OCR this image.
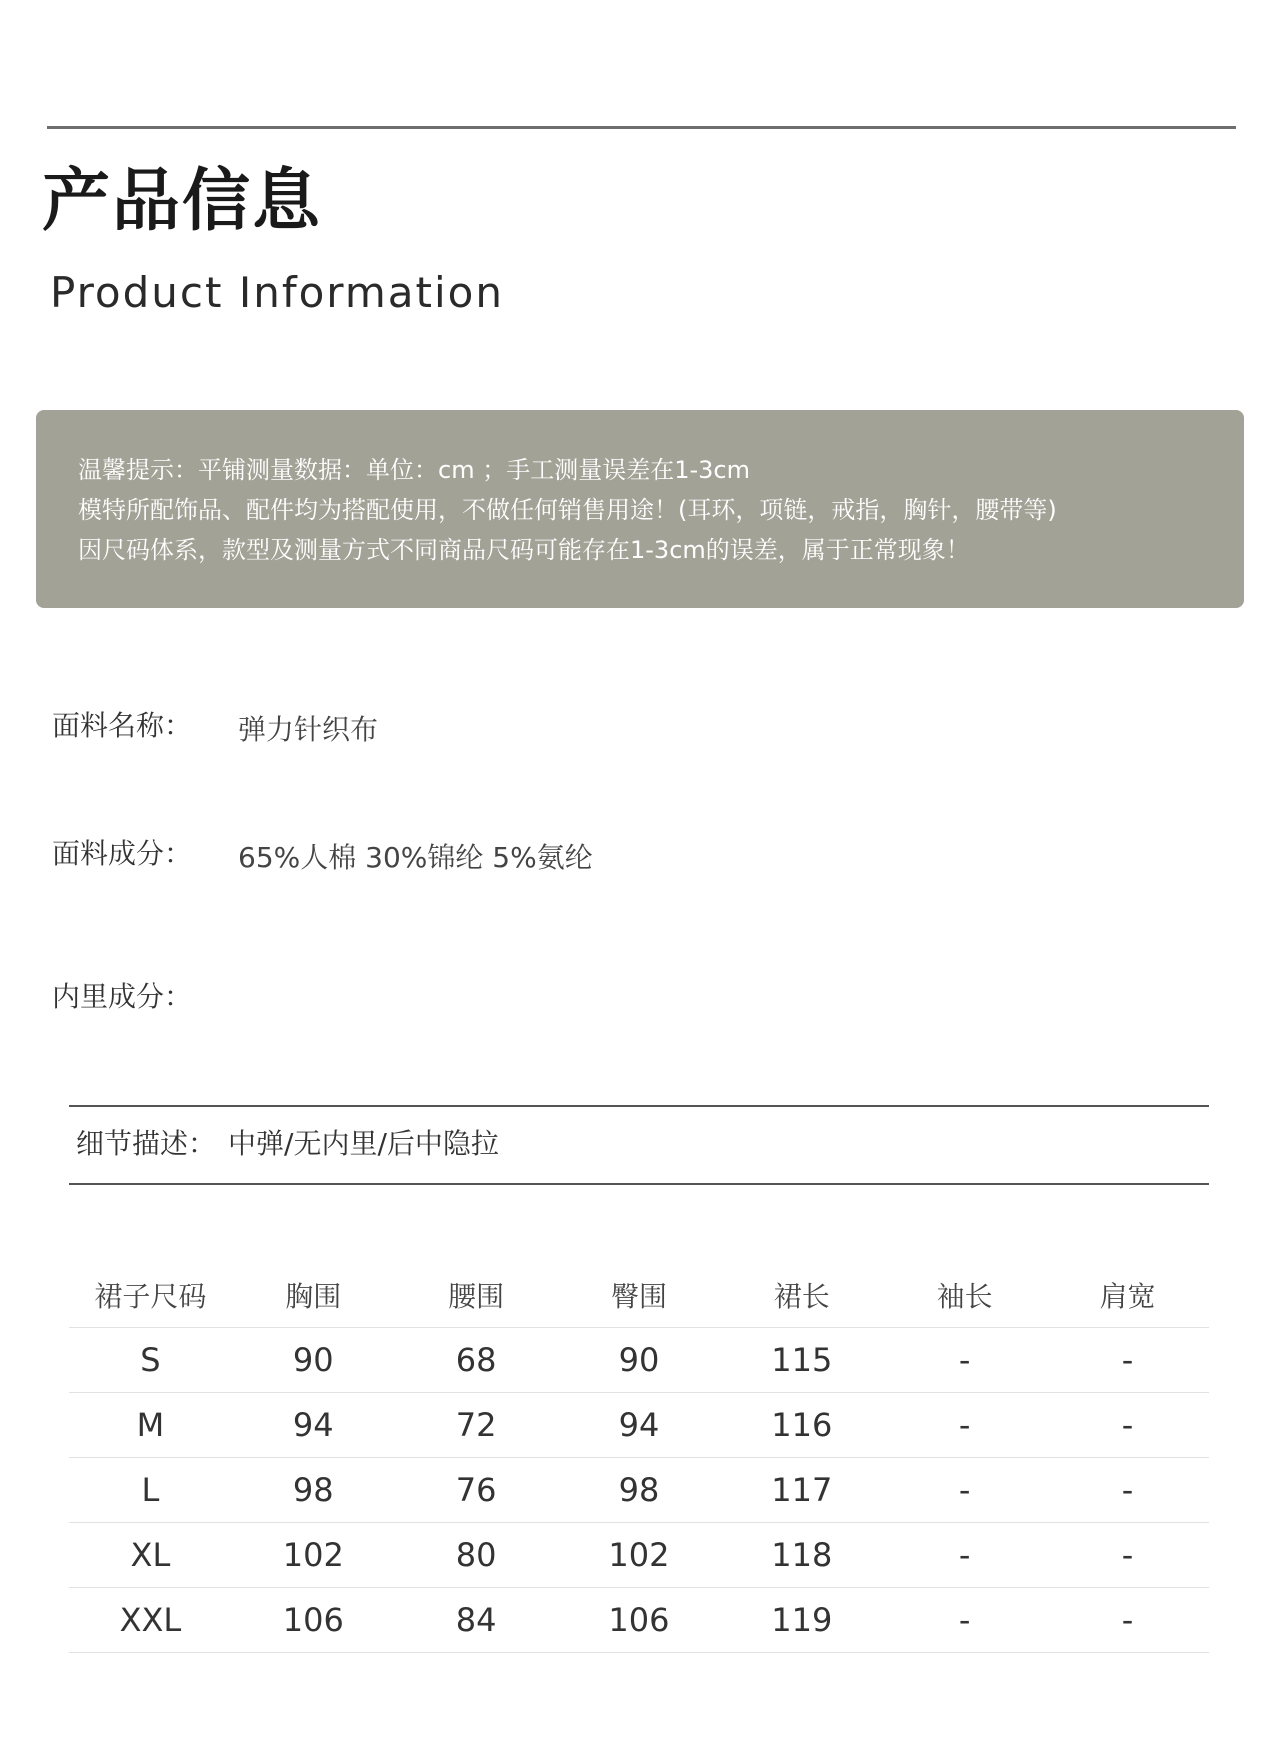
产品信息
Product Information
温馨提示：平铺测量数据：单位：cm ；手工测量误差在1-3cm
模特所配饰品、配件均为搭配使用，不做任何销售用途！(耳环，项链，戒指，胸针，腰带等)
因尺码体系，款型及测量方式不同商品尺码可能存在1-3cm的误差，属于正常现象！
面料名称： 弹力针织布
面料成分： 65%人棉 30%锦纶 5%氨纶
内里成分：
细节描述： 中弹/无内里/后中隐拉
裙子尺码	胸围	腰围	臀围	裙长	袖长	肩宽
S	90	68	90	115	-	-
M	94	72	94	116	-	-
L	98	76	98	117	-	-
XL	102	80	102	118	-	-
XXL	106	84	106	119	-	-
